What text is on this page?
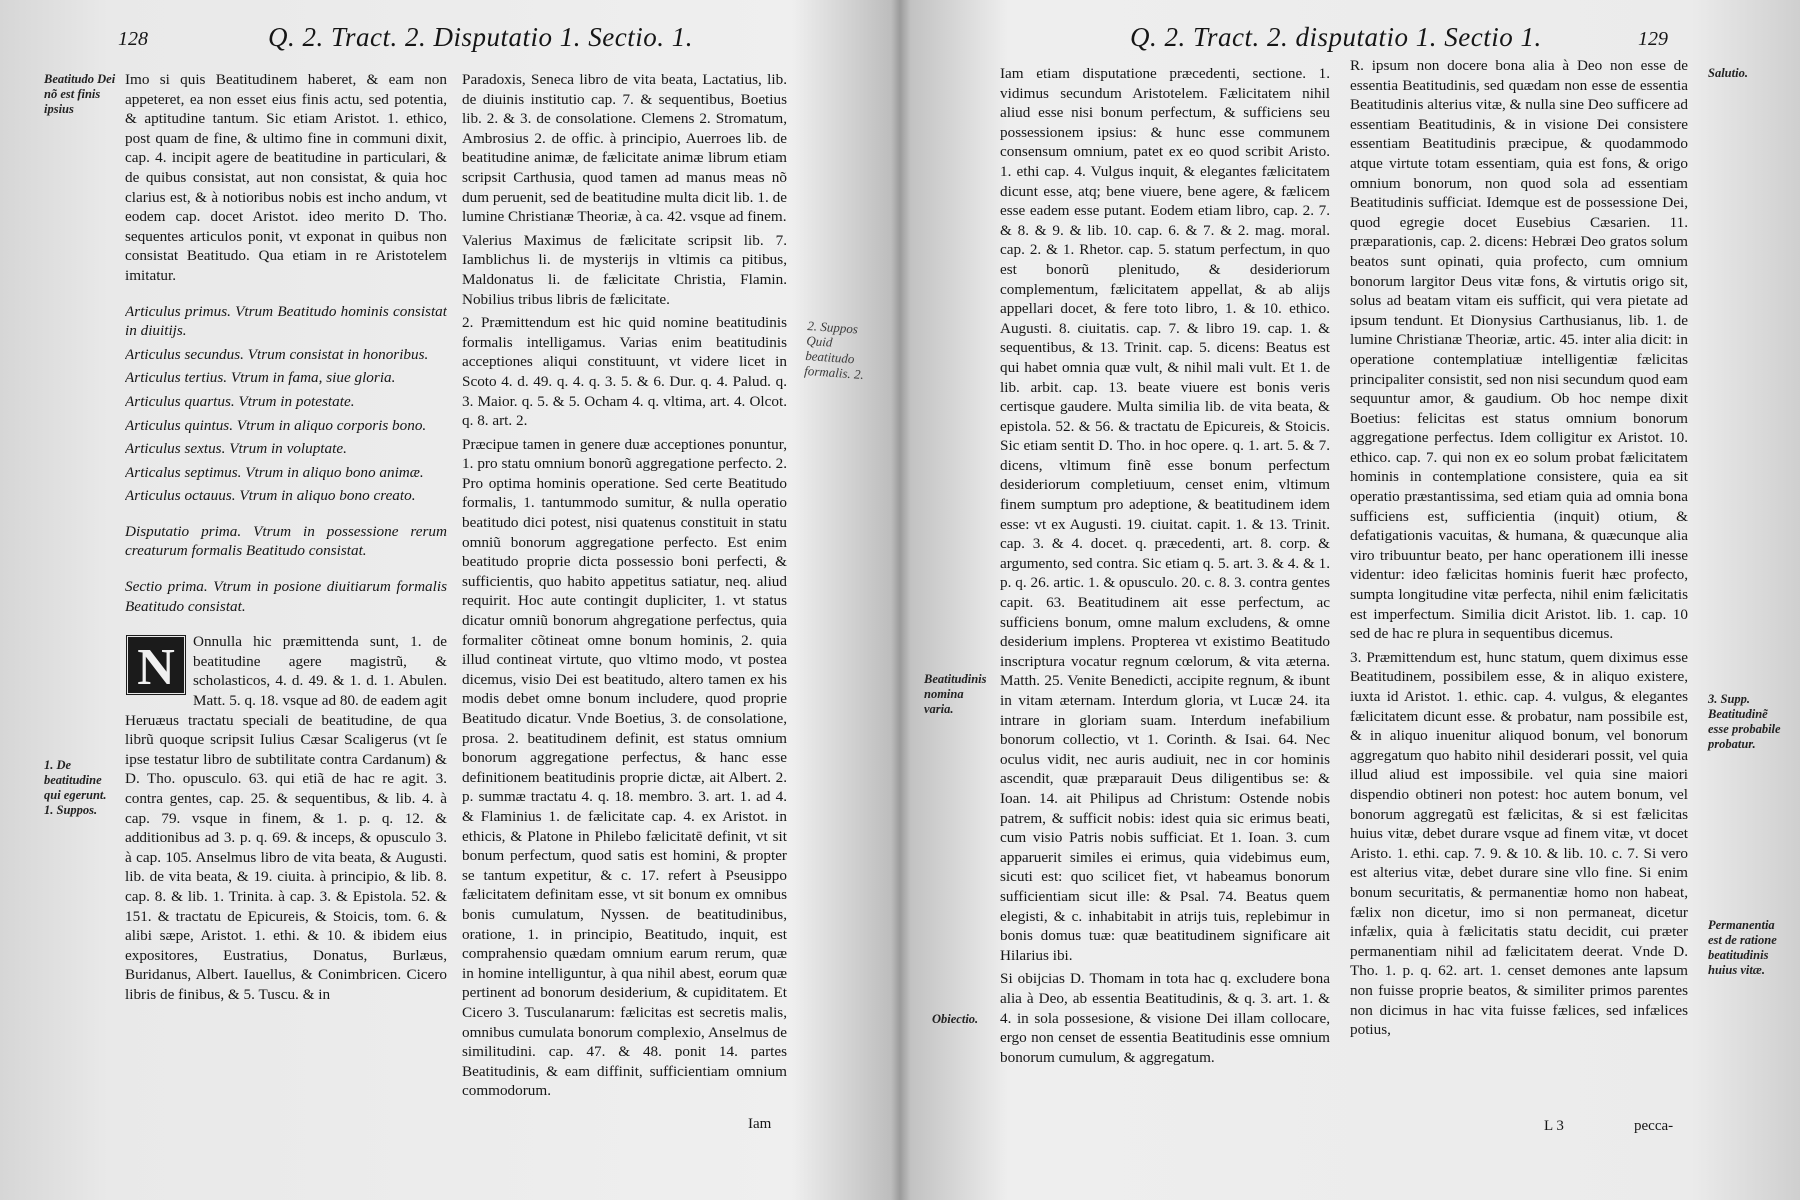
128	Q. 2. Tract. 2. Disputatio 1. Sectio. 1.
Beatitudo Dei nõ est finis ipsius
1. De beatitudine qui egerunt. 1. Suppos.

Imo si quis Beatitudinem haberet, & eam non appeteret, ea non esset eius finis actu, sed potentia, & aptitudine tantum. Sic etiam Aristot. 1. ethico, post quam de fine, & ultimo fine in communi dixit, cap. 4. incipit agere de beatitudine in particulari, & de quibus consistat, aut non consistat, & quia hoc clarius est, & à notioribus nobis est incho andum, vt eodem cap. docet Aristot. ideo merito D. Tho. sequentes articulos ponit, vt exponat in quibus non consistat Beatitudo. Qua etiam in re Aristotelem imitatur.

Articulus primus. Vtrum Beatitudo hominis consistat in diuitijs.

Articulus secundus. Vtrum consistat in honoribus.

Articulus tertius. Vtrum in fama, siue gloria.

Articulus quartus. Vtrum in potestate.

Articulus quintus. Vtrum in aliquo corporis bono.

Articulus sextus. Vtrum in voluptate.

Articalus septimus. Vtrum in aliquo bono animæ.

Articulus octauus. Vtrum in aliquo bono creato.

Disputatio prima. Vtrum in possessione rerum creaturum formalis Beatitudo consistat.

Sectio prima. Vtrum in posione diuitiarum formalis Beatitudo consistat.

N	Onnulla hic præmittenda sunt, 1. de beatitudine agere magistrũ, & scholasticos, 4. d. 49. & 1. d. 1. Abulen. Matt. 5. q. 18. vsque ad 80. de eadem agit Heruæus tractatu speciali de beatitudine, de qua librũ quoque scripsit Iulius Cæsar Scaligerus (vt ſe ipse testatur libro de subtilitate contra Cardanum) & D. Tho. opusculo. 63. qui etiã de hac re agit. 3. contra gentes, cap. 25. & sequentibus, & lib. 4. à cap. 79. vsque in finem, & 1. p. q. 12. & additionibus ad 3. p. q. 69. & inceps, & opusculo 3. à cap. 105. Anselmus libro de vita beata, & Augusti. lib. de vita beata, & 19. ciuita. à principio, & lib. 8. cap. 8. & lib. 1. Trinita. à cap. 3. & Epistola. 52. & 151. & tractatu de Epicureis, & Stoicis, tom. 6. & alibi sæpe, Aristot. 1. ethi. & 10. & ibidem eius expositores, Eustratius, Donatus, Burlæus, Buridanus, Albert. Iauellus, & Conimbricen. Cicero libris de finibus, & 5. Tuscu. & in

Paradoxis, Seneca libro de vita beata, Lactatius, lib. de diuinis institutio cap. 7. & sequentibus, Boetius lib. 2. & 3. de consolatione. Clemens 2. Stromatum, Ambrosius 2. de offic. à principio, Auerroes lib. de beatitudine animæ, de fælicitate animæ librum etiam scripsit Carthusia, quod tamen ad manus meas nõ dum peruenit, sed de beatitudine multa dicit lib. 1. de lumine Christianæ Theoriæ, à ca. 42. vsque ad finem.

Valerius Maximus de fælicitate scripsit lib. 7. Iamblichus li. de mysterijs in vltimis ca pitibus, Maldonatus li. de fælicitate Christia, Flamin. Nobilius tribus libris de fælicitate.

2. Præmittendum est hic quid nomine beatitudinis formalis intelligamus. Varias enim beatitudinis acceptiones aliqui constituunt, vt videre licet in Scoto 4. d. 49. q. 4. q. 3. 5. & 6. Dur. q. 4. Palud. q. 3. Maior. q. 5. & 5. Ocham 4. q. vltima, art. 4. Olcot. q. 8. art. 2.

Præcipue tamen in genere duæ acceptiones ponuntur, 1. pro statu omnium bonorũ aggregatione perfecto. 2. Pro optima hominis operatione. Sed certe Beatitudo formalis, 1. tantummodo sumitur, & nulla operatio beatitudo dici potest, nisi quatenus constituit in statu omniũ bonorum aggregatione perfecto. Est enim beatitudo proprie dicta possessio boni perfecti, & sufficientis, quo habito appetitus satiatur, neq. aliud requirit. Hoc aute contingit dupliciter, 1. vt status dicatur omniũ bonorum ahgregatione perfectus, quia formaliter cõtineat omne bonum hominis, 2. quia illud contineat virtute, quo vltimo modo, vt postea dicemus, visio Dei est beatitudo, altero tamen ex his modis debet omne bonum includere, quod proprie Beatitudo dicatur. Vnde Boetius, 3. de consolatione, prosa. 2. beatitudinem definit, est status omnium bonorum aggregatione perfectus, & hanc esse definitionem beatitudinis proprie dictæ, ait Albert. 2. p. summæ tractatu 4. q. 18. membro. 3. art. 1. ad 4. & Flaminius 1. de fælicitate cap. 4. ex Aristot. in ethicis, & Platone in Philebo fælicitatē definit, vt sit bonum perfectum, quod satis est homini, & propter se tantum expetitur, & c. 17. refert à Pseusippo fælicitatem definitam esse, vt sit bonum ex omnibus bonis cumulatum, Nyssen. de beatitudinibus, oratione, 1. in principio, Beatitudo, inquit, est comprahensio quædam omnium earum rerum, quæ in homine intelliguntur, à qua nihil abest, eorum quæ pertinent ad bonorum desiderium, & cupiditatem. Et Cicero 3. Tusculanarum: fælicitas est secretis malis, omnibus cumulata bonorum complexio, Anselmus de similitudini. cap. 47. & 48. ponit 14. partes Beatitudinis, & eam diffinit, sufficientiam omnium commodorum.

Iam
2. Suppos Quid beatitudo formalis. 2.
Q. 2. Tract. 2. disputatio 1. Sectio 1.	129
Salutio.
Beatitudinis nomina varia.
Obiectio.
3. Supp. Beatitudinẽ esse probabile probatur.
Permanentia est de ratione beatitudinis huius vitæ.

Iam etiam disputatione præcedenti, sectione. 1. vidimus secundum Aristotelem. Fælicitatem nihil aliud esse nisi bonum perfectum, & sufficiens seu possessionem ipsius: & hunc esse communem consensum omnium, patet ex eo quod scribit Aristo. 1. ethi cap. 4. Vulgus inquit, & elegantes fælicitatem dicunt esse, atq; bene viuere, bene agere, & fælicem esse eadem esse putant. Eodem etiam libro, cap. 2. 7. & 8. & 9. & lib. 10. cap. 6. & 7. & 2. mag. moral. cap. 2. & 1. Rhetor. cap. 5. statum perfectum, in quo est bonorũ plenitudo, & desideriorum complementum, fælicitatem appellat, & ab alijs appellari docet, & fere toto libro, 1. & 10. ethico. Augusti. 8. ciuitatis. cap. 7. & libro 19. cap. 1. & sequentibus, & 13. Trinit. cap. 5. dicens: Beatus est qui habet omnia quæ vult, & nihil mali vult. Et 1. de lib. arbit. cap. 13. beate viuere est bonis veris certisque gaudere. Multa similia lib. de vita beata, & epistola. 52. & 56. & tractatu de Epicureis, & Stoicis. Sic etiam sentit D. Tho. in hoc opere. q. 1. art. 5. & 7. dicens, vltimum finẽ esse bonum perfectum desideriorum completiuum, censet enim, vltimum finem sumptum pro adeptione, & beatitudinem idem esse: vt ex Augusti. 19. ciuitat. capit. 1. & 13. Trinit. cap. 3. & 4. docet. q. præcedenti, art. 8. corp. & argumento, sed contra. Sic etiam q. 5. art. 3. & 4. & 1. p. q. 26. artic. 1. & opusculo. 20. c. 8. 3. contra gentes capit. 63. Beatitudinem ait esse perfectum, ac sufficiens bonum, omne malum excludens, & omne desiderium implens. Propterea vt existimo Beatitudo inscriptura vocatur regnum cœlorum, & vita æterna. Matth. 25. Venite Benedicti, accipite regnum, & ibunt in vitam æternam. Interdum gloria, vt Lucæ 24. ita intrare in gloriam suam. Interdum inefabilium bonorum collectio, vt 1. Corinth. & Isai. 64. Nec oculus vidit, nec auris audiuit, nec in cor hominis ascendit, quæ præparauit Deus diligentibus se: & Ioan. 14. ait Philipus ad Christum: Ostende nobis patrem, & sufficit nobis: idest quia sic erimus beati, cum visio Patris nobis sufficiat. Et 1. Ioan. 3. cum apparuerit similes ei erimus, quia videbimus eum, sicuti est: quo scilicet fiet, vt habeamus bonorum sufficientiam sicut ille: & Psal. 74. Beatus quem elegisti, & c. inhabitabit in atrijs tuis, replebimur in bonis domus tuæ: quæ beatitudinem significare ait Hilarius ibi.

Si obijcias D. Thomam in tota hac q. excludere bona alia à Deo, ab essentia Beatitudinis, & q. 3. art. 1. & 4. in sola possesione, & visione Dei illam collocare, ergo non censet de essentia Beatitudinis esse omnium bonorum cumulum, & aggregatum.

R. ipsum non docere bona alia à Deo non esse de essentia Beatitudinis, sed quædam non esse de essentia Beatitudinis alterius vitæ, & nulla sine Deo sufficere ad essentiam Beatitudinis, & in visione Dei consistere essentiam Beatitudinis præcipue, & quodammodo atque virtute totam essentiam, quia est fons, & origo omnium bonorum, non quod sola ad essentiam Beatitudinis sufficiat. Idemque est de possessione Dei, quod egregie docet Eusebius Cæsarien. 11. præparationis, cap. 2. dicens: Hebræi Deo gratos solum beatos sunt opinati, quia profecto, cum omnium bonorum largitor Deus vitæ fons, & virtutis origo sit, solus ad beatam vitam eis sufficit, qui vera pietate ad ipsum tendunt. Et Dionysius Carthusianus, lib. 1. de lumine Christianæ Theoriæ, artic. 45. inter alia dicit: in operatione contemplatiuæ intelligentiæ fælicitas principaliter consistit, sed non nisi secundum quod eam sequuntur amor, & gaudium. Ob hoc nempe dixit Boetius: felicitas est status omnium bonorum aggregatione perfectus. Idem colligitur ex Aristot. 10. ethico. cap. 7. qui non ex eo solum probat fælicitatem hominis in contemplatione consistere, quia ea sit operatio præstantissima, sed etiam quia ad omnia bona sufficiens est, sufficientia (inquit) otium, & defatigationis vacuitas, & humana, & quæcunque alia viro tribuuntur beato, per hanc operationem illi inesse videntur: ideo fælicitas hominis fuerit hæc profecto, sumpta longitudine vitæ perfecta, nihil enim fælicitatis est imperfectum. Similia dicit Aristot. lib. 1. cap. 10 sed de hac re plura in sequentibus dicemus.

3. Præmittendum est, hunc statum, quem diximus esse Beatitudinem, possibilem esse, & in aliquo existere, iuxta id Aristot. 1. ethic. cap. 4. vulgus, & elegantes fælicitatem dicunt esse. & probatur, nam possibile est, & in aliquo inuenitur aliquod bonum, vel bonorum aggregatum quo habito nihil desiderari possit, vel quia illud aliud est impossibile. vel quia sine maiori dispendio obtineri non potest: hoc autem bonum, vel bonorum aggregatũ est fælicitas, & si est fælicitas huius vitæ, debet durare vsque ad finem vitæ, vt docet Aristo. 1. ethi. cap. 7. 9. & 10. & lib. 10. c. 7. Si vero est alterius vitæ, debet durare sine vllo fine. Si enim bonum securitatis, & permanentiæ homo non habeat, fælix non dicetur, imo si non permaneat, dicetur infælix, quia à fælicitatis statu decidit, cui præter permanentiam nihil ad fælicitatem deerat. Vnde D. Tho. 1. p. q. 62. art. 1. censet demones ante lapsum non fuisse proprie beatos, & similiter primos parentes non dicimus in hac vita fuisse fælices, sed infælices potius,

L 3	pecca-
